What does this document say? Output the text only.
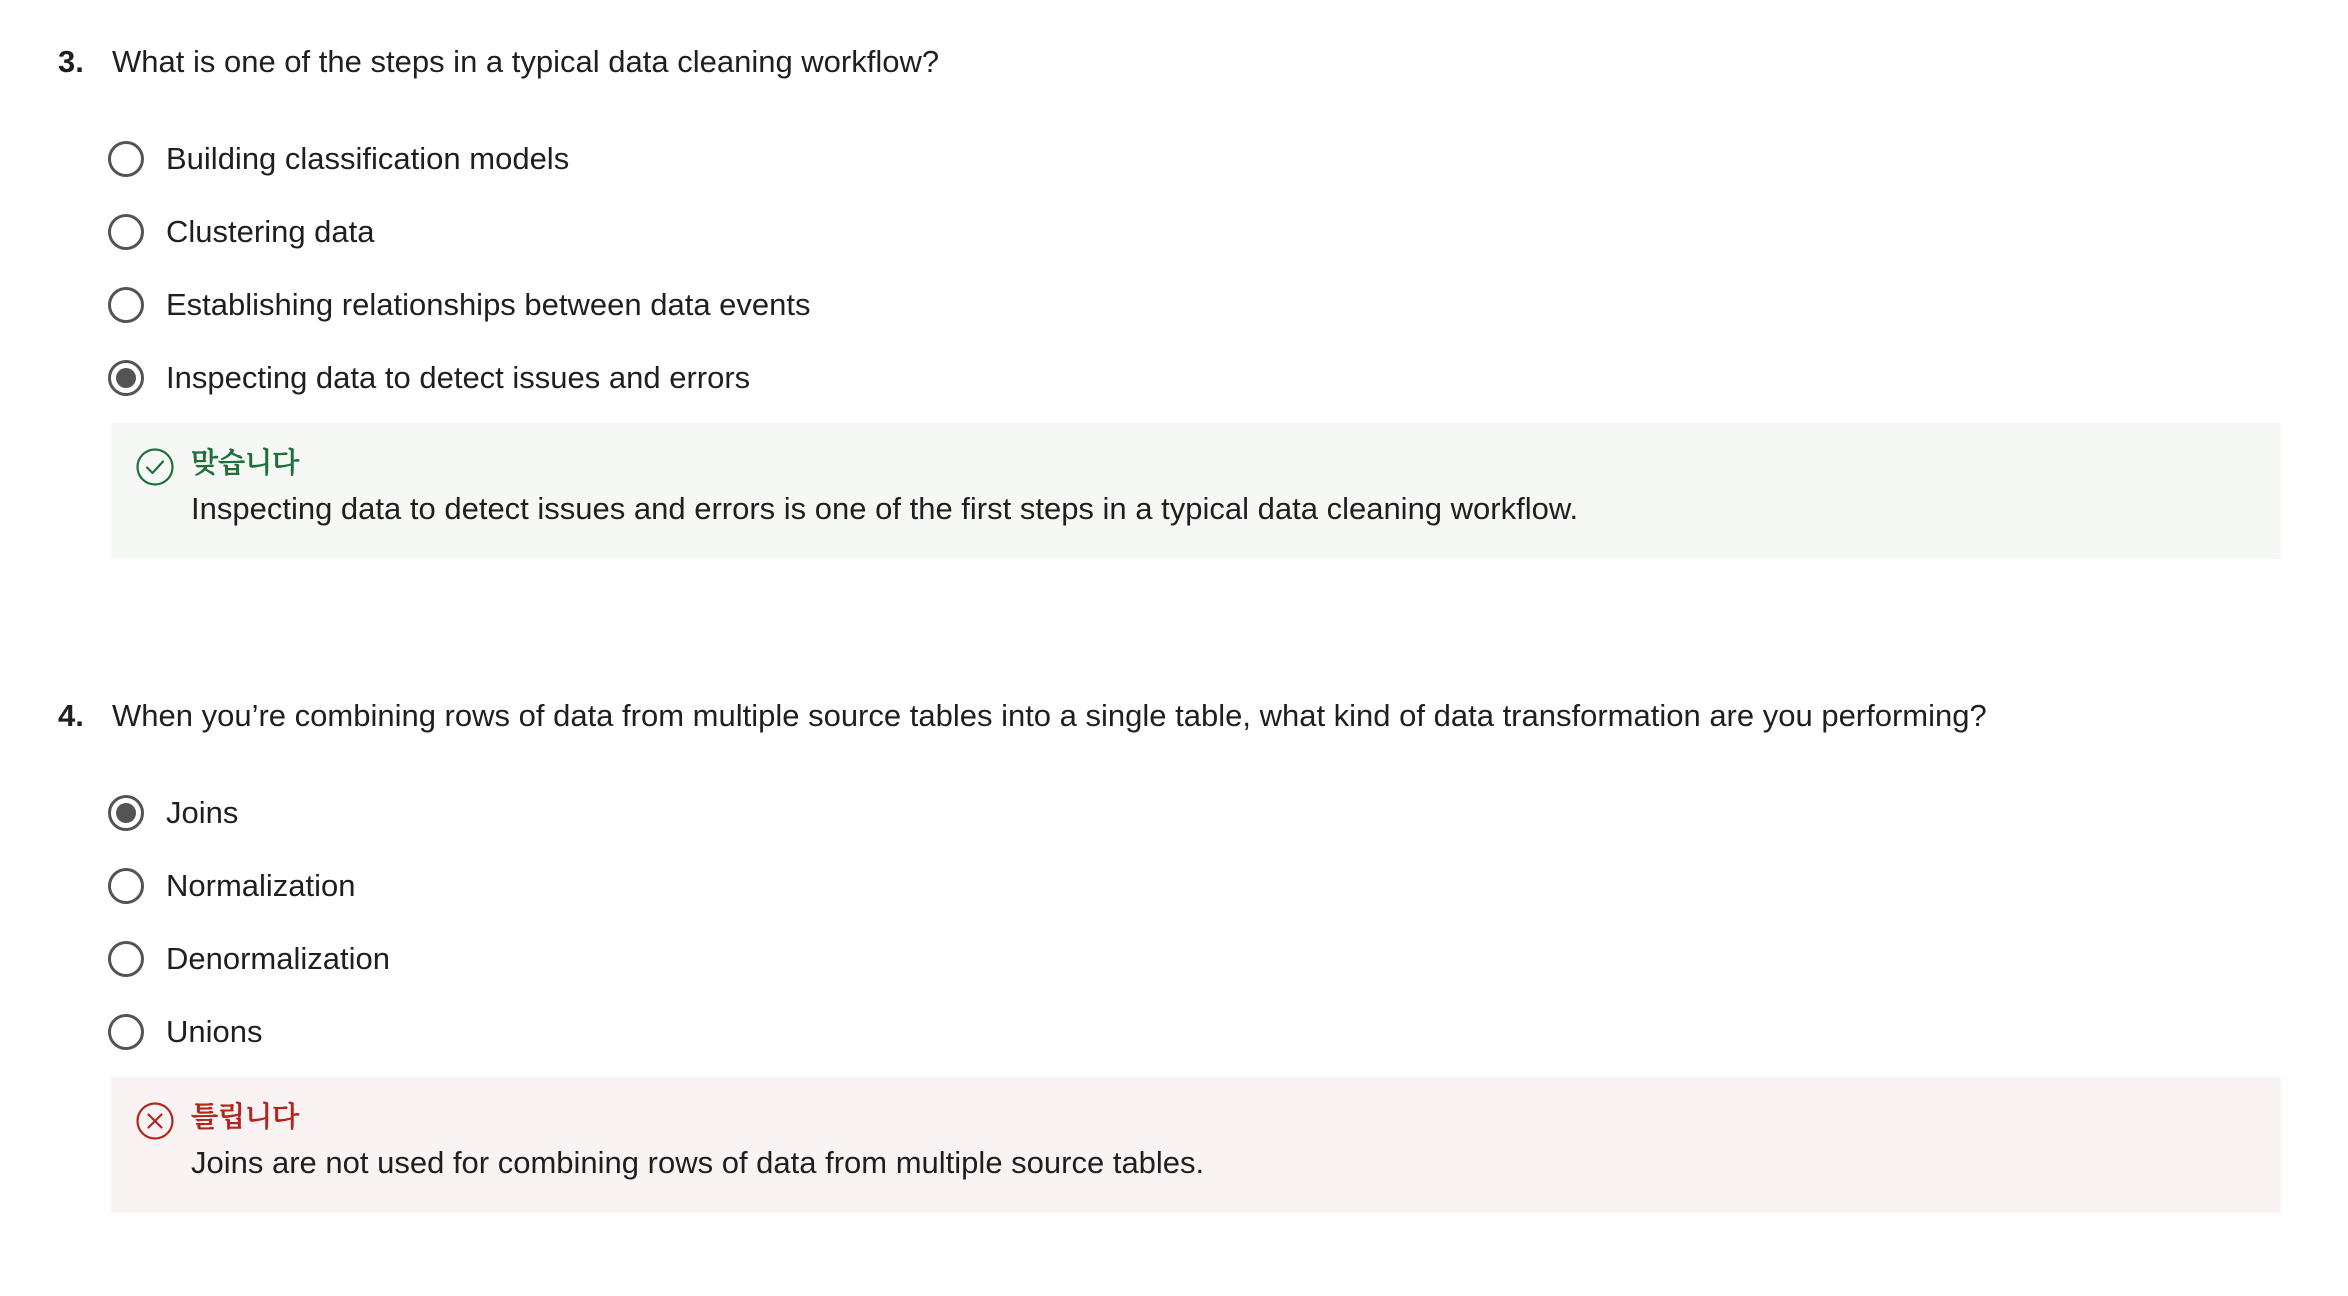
3. What is one of the steps in a typical data cleaning workflow?
Building classification models
Clustering data
Establishing relationships between data events
Inspecting data to detect issues and errors
맞습니다
Inspecting data to detect issues and errors is one of the first steps in a typical data cleaning workflow.
4. When you’re combining rows of data from multiple source tables into a single table, what kind of data transformation are you performing?
Joins
Normalization
Denormalization
Unions
틀립니다
Joins are not used for combining rows of data from multiple source tables.
